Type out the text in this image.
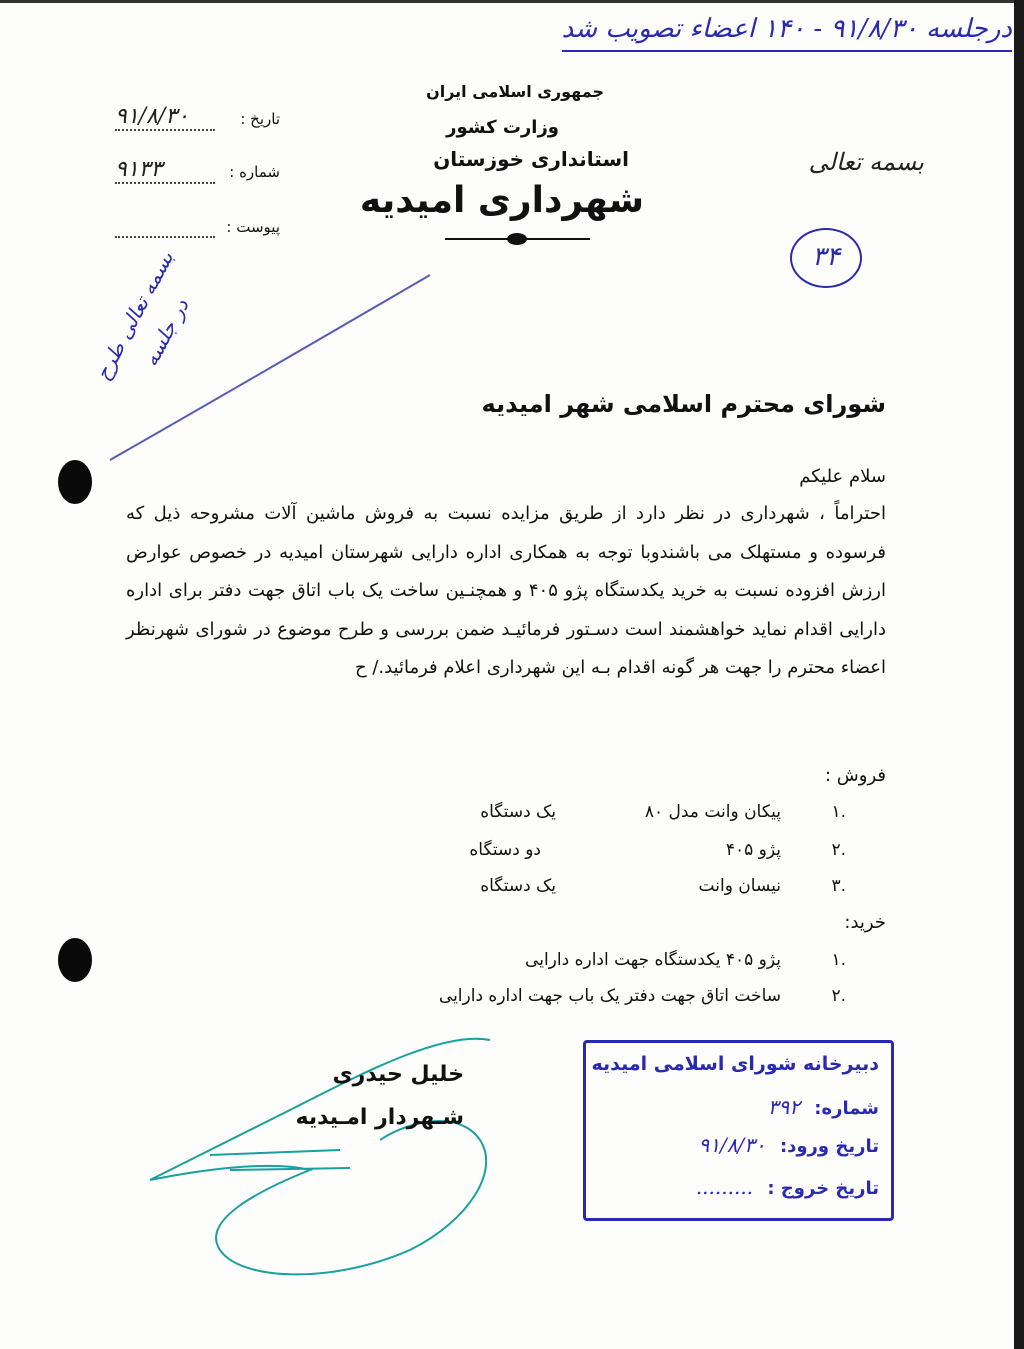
درجلسه ۹۱/۸/۳۰ - ۱۴۰ اعضاء تصویب شد
جمهوری اسلامی ایران
وزارت کشور
استانداری خوزستان
شهرداری امیدیه
تاریخ :
۹۱/۸/۳۰
شماره :
۹۱۳۳
پیوست :
بسمه تعالی
۳۴
بسمه تعالی طرح در جلسه
شورای محترم اسلامی شهر امیدیه
سلام علیکم
احتراماً ، شهرداری در نظر دارد از طریق مزایده نسبت به فروش ماشین آلات مشروحه ذیل که فرسوده و مستهلک می باشندوبا توجه به همکاری اداره دارایی شهرستان امیدیه در خصوص عوارض ارزش افزوده نسبت به خرید یکدستگاه پژو ۴۰۵ و همچنـین ساخت یک باب اتاق جهت دفتر برای اداره دارایی اقدام نماید خواهشمند است دسـتور فرمائیـد ضمن بررسی و طرح موضوع در شورای شهرنظر اعضاء محترم را جهت هر گونه اقدام بـه این شهرداری اعلام فرمائید./ ح
فروش :
.۱
پیکان وانت مدل ۸۰
یک دستگاه
.۲
پژو ۴۰۵
دو دستگاه
.۳
نیسان وانت
یک دستگاه
خرید:
.۱
پژو ۴۰۵ یکدستگاه جهت اداره دارایی
.۲
ساخت اتاق جهت دفتر یک باب جهت اداره دارایی
خلیل حیدری
شـهردار امـیدیه
دبیرخانه شورای اسلامی امیدیه
شماره: ۳۹۲
تاریخ ورود: ۹۱/۸/۳۰
تاریخ خروج : .........
